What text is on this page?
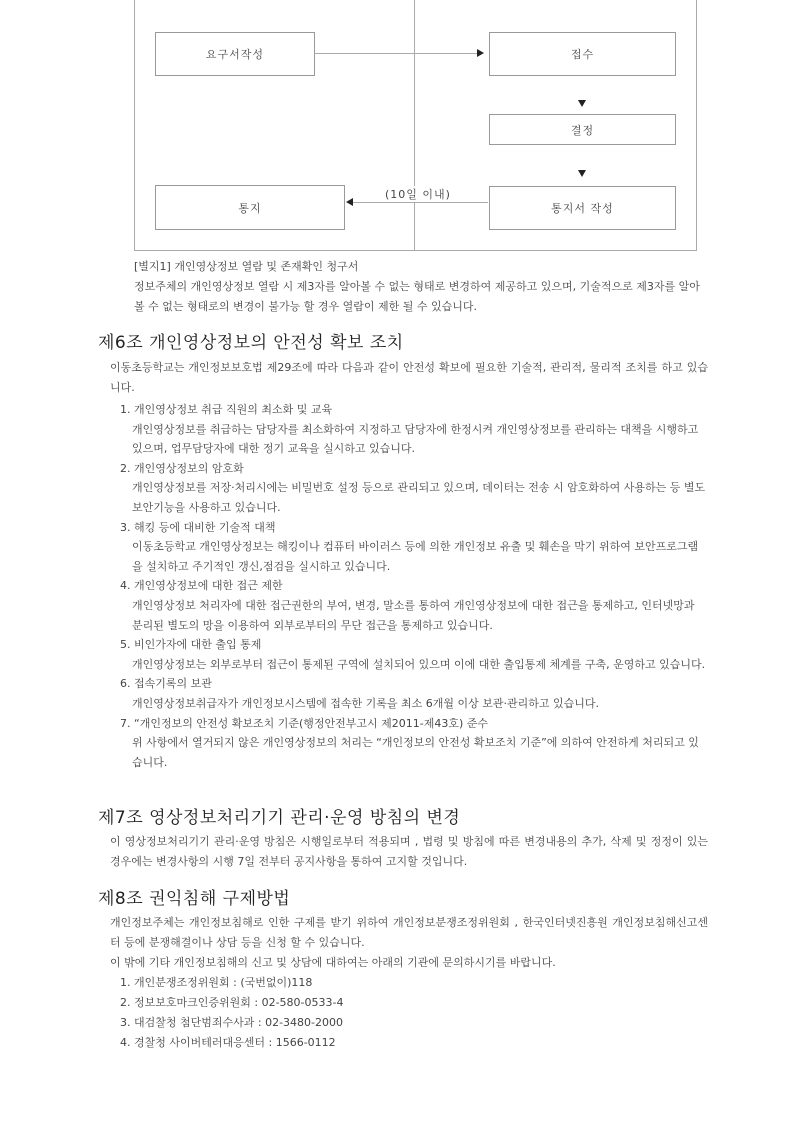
요구서작성	접수
결정
통지
(10일 이내)
통지서 작성
[별지1] 개인영상정보 열람 및 존재확인 청구서
정보주체의 개인영상정보 열람 시 제3자를 알아볼 수 없는 형태로 변경하여 제공하고 있으며, 기술적으로 제3자를 알아볼 수 없는 형태로의 변경이 불가능 할 경우 열람이 제한 될 수 있습니다.
제6조 개인영상정보의 안전성 확보 조치
이동초등학교는 개인정보보호법 제29조에 따라 다음과 같이 안전성 확보에 필요한 기술적, 관리적, 물리적 조치를 하고 있습니다.
1. 개인영상정보 취급 직원의 최소화 및 교육
개인영상정보를 취급하는 담당자를 최소화하여 지정하고 담당자에 한정시켜 개인영상정보를 관리하는 대책을 시행하고 있으며, 업무담당자에 대한 정기 교육을 실시하고 있습니다.
2. 개인영상정보의 암호화
개인영상정보를 저장·처리시에는 비밀번호 설정 등으로 관리되고 있으며, 데이터는 전송 시 암호화하여 사용하는 등 별도 보안기능을 사용하고 있습니다.
3. 해킹 등에 대비한 기술적 대책
이동초등학교 개인영상정보는 해킹이나 컴퓨터 바이러스 등에 의한 개인정보 유출 및 훼손을 막기 위하여 보안프로그램을 설치하고 주기적인 갱신,점검을 실시하고 있습니다.
4. 개인영상정보에 대한 접근 제한
개인영상정보 처리자에 대한 접근권한의 부여, 변경, 말소를 통하여 개인영상정보에 대한 접근을 통제하고, 인터넷망과 분리된 별도의 망을 이용하여 외부로부터의 무단 접근을 통제하고 있습니다.
5. 비인가자에 대한 출입 통제
개인영상정보는 외부로부터 접근이 통제된 구역에 설치되어 있으며 이에 대한 출입통제 체계를 구축, 운영하고 있습니다.
6. 접속기록의 보관
개인영상정보취급자가 개인정보시스템에 접속한 기록을 최소 6개월 이상 보관·관리하고 있습니다.
7. “개인정보의 안전성 확보조치 기준(행정안전부고시 제2011-제43호) 준수
위 사항에서 열거되지 않은 개인영상정보의 처리는 “개인정보의 안전성 확보조치 기준”에 의하여 안전하게 처리되고 있습니다.
제7조 영상정보처리기기 관리·운영 방침의 변경
이 영상정보처리기기 관리·운영 방침은 시행일로부터 적용되며 , 법령 및 방침에 따른 변경내용의 추가, 삭제 및 정정이 있는 경우에는 변경사항의 시행 7일 전부터 공지사항을 통하여 고지할 것입니다.
제8조 권익침해 구제방법
개인정보주체는 개인정보침해로 인한 구제를 받기 위하여 개인정보분쟁조정위원회 , 한국인터넷진흥원 개인정보침해신고센터 등에 분쟁해결이나 상담 등을 신청 할 수 있습니다.
이 밖에 기타 개인정보침해의 신고 및 상담에 대하여는 아래의 기관에 문의하시기를 바랍니다.
1. 개인분쟁조정위원회 : (국번없이)118
2. 정보보호마크인증위원회 : 02-580-0533-4
3. 대검찰청 첨단범죄수사과 : 02-3480-2000
4. 경찰청 사이버테러대응센터 : 1566-0112
